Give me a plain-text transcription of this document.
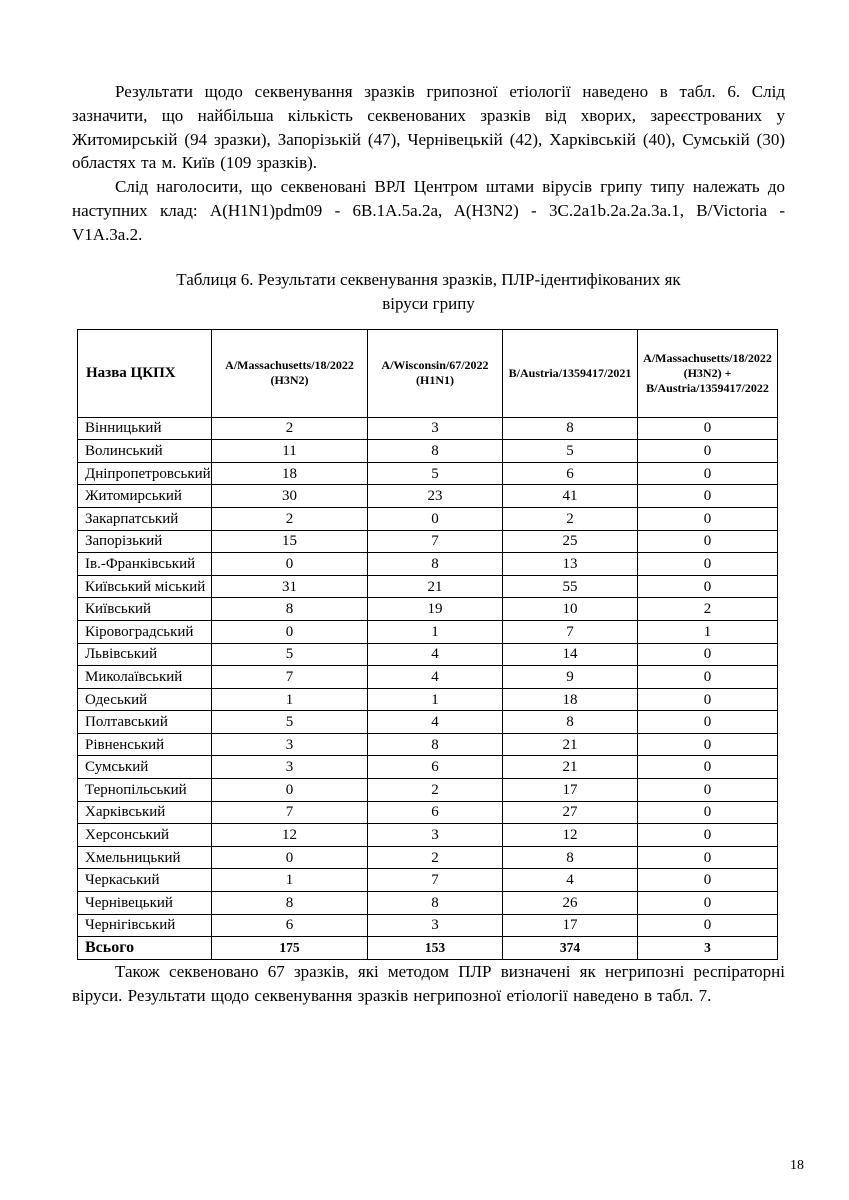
Результати щодо секвенування зразків грипозної етіології наведено в табл. 6. Слід зазначити, що найбільша кількість секвенованих зразків від хворих, зареєстрованих у Житомирській (94 зразки), Запорізькій (47), Чернівецькій (42), Харківській (40), Сумській (30) областях та м. Київ (109 зразків).

Слід наголосити, що секвеновані ВРЛ Центром штами вірусів грипу типу належать до наступних клад: A(H1N1)pdm09 - 6B.1A.5a.2a, A(H3N2) - 3C.2a1b.2a.2a.3a.1, B/Victoria - V1A.3a.2.

Таблиця 6. Результати секвенування зразків, ПЛР-ідентифікованих як
віруси грипу
Назва ЦКПХ	A/Massachusetts/18/2022 (H3N2)	A/Wisconsin/67/2022 (H1N1)	B/Austria/1359417/2021	A/Massachusetts/18/2022 (H3N2) + B/Austria/1359417/2022
Вінницький	2	3	8	0
Волинський	11	8	5	0
Дніпропетровський	18	5	6	0
Житомирський	30	23	41	0
Закарпатський	2	0	2	0
Запорізький	15	7	25	0
Ів.-Франківський	0	8	13	0
Київський міський	31	21	55	0
Київський	8	19	10	2
Кіровоградський	0	1	7	1
Львівський	5	4	14	0
Миколаївський	7	4	9	0
Одеський	1	1	18	0
Полтавський	5	4	8	0
Рівненський	3	8	21	0
Сумський	3	6	21	0
Тернопільський	0	2	17	0
Харківський	7	6	27	0
Херсонський	12	3	12	0
Хмельницький	0	2	8	0
Черкаський	1	7	4	0
Чернівецький	8	8	26	0
Чернігівський	6	3	17	0
Всього	175	153	374	3

Також секвеновано 67 зразків, які методом ПЛР визначені як негрипозні респіраторні віруси. Результати щодо секвенування зразків негрипозної етіології наведено в табл. 7.

18
